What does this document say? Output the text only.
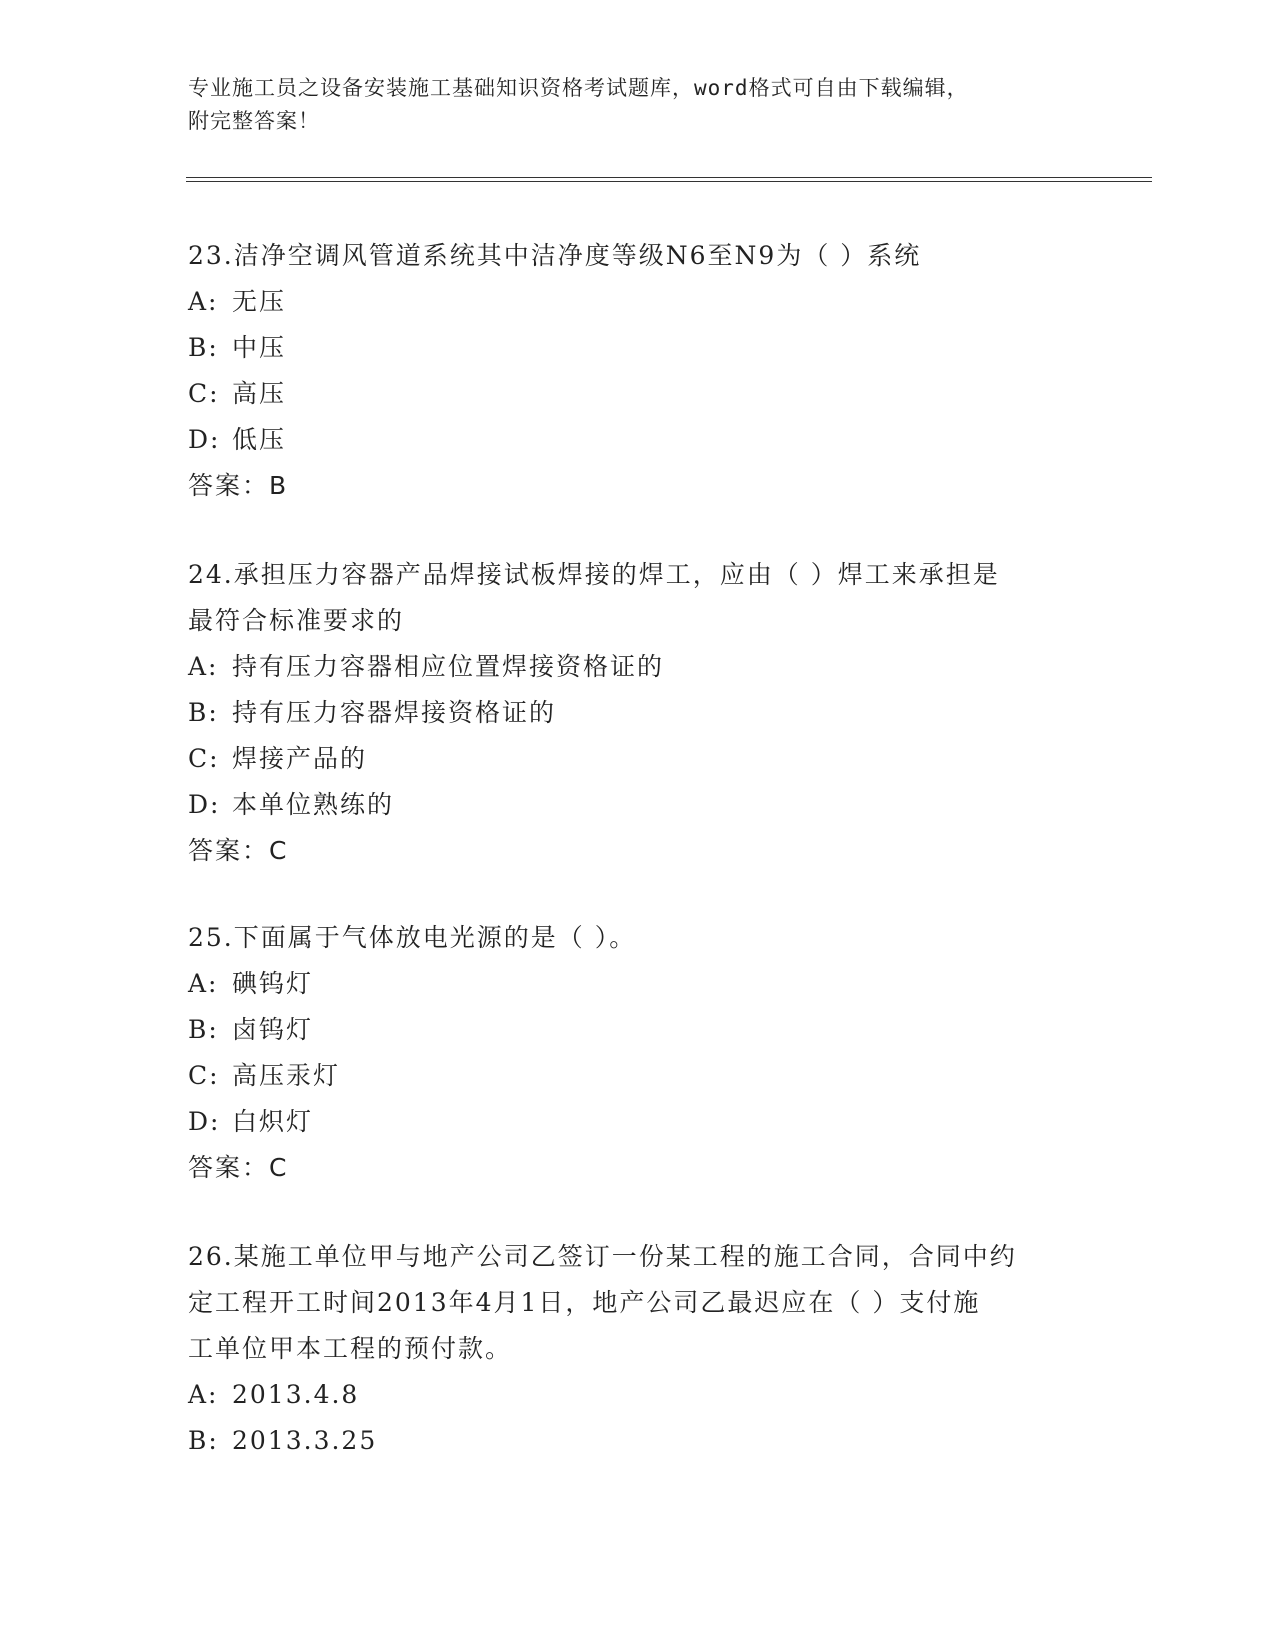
专业施工员之设备安装施工基础知识资格考试题库，word格式可自由下载编辑，

附完整答案！

23.洁净空调风管道系统其中洁净度等级N6至N9为（ ）系统

A: 无压
B: 中压
C: 高压
D: 低压

答案：B

24.承担压力容器产品焊接试板焊接的焊工，应由（ ）焊工来承担是

最符合标准要求的

A: 持有压力容器相应位置焊接资格证的
B: 持有压力容器焊接资格证的
C: 焊接产品的
D: 本单位熟练的

答案：C

25.下面属于气体放电光源的是（ ）。

A: 碘钨灯
B: 卤钨灯
C: 高压汞灯
D: 白炽灯

答案：C

26.某施工单位甲与地产公司乙签订一份某工程的施工合同，合同中约

定工程开工时间2013年4月1日，地产公司乙最迟应在（ ）支付施

工单位甲本工程的预付款。

A: 2013.4.8
B: 2013.3.25
